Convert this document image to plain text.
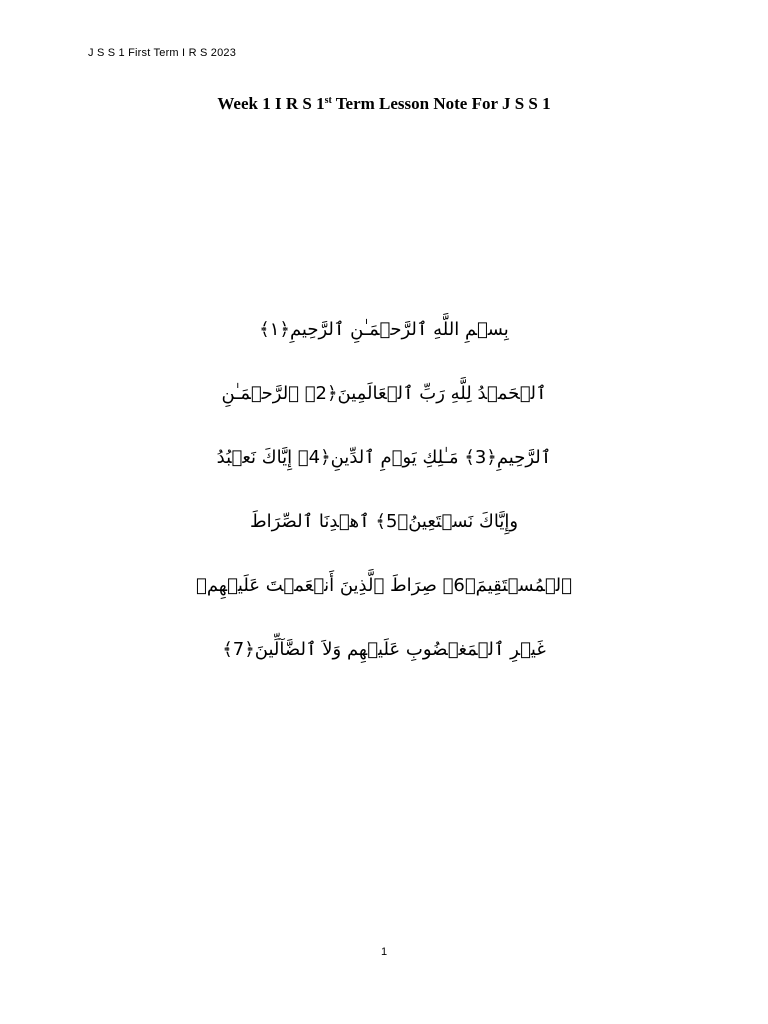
J S S 1 First Term I R S 2023
Week 1 I R S 1st Term Lesson Note For J S S 1
بِسۡمِ اللَّهِ ٱلرَّحۡمَـٰنِ ٱلرَّحِيمِ﴿١﴾
ٱلۡحَمۡدُ لِلَّهِ رَبِّ ٱلۡعَالَمِينَ﴿2﴾ ٱلرَّحۡمَـٰنِ
ٱلرَّحِيمِ﴿3﴾ مَـٰلِكِ يَوۡمِ ٱلدِّينِ﴿4﴾ إِيَّاكَ نَعۡبُدُ
وإِيَّاكَ نَسۡتَعِينُ﴿5﴾ ٱهۡدِنَا ٱلصِّرَاطَ
ٱلۡمُسۡتَقِيمَ﴿6﴾ صِرَاطَ ٱلَّذِينَ أَنۡعَمۡتَ عَلَيۡهِمۡ
غَيۡرِ ٱلۡمَغۡضُوبِ عَلَيۡهِم وَلاَ ٱلضَّآلِّينَ﴿7﴾
1
